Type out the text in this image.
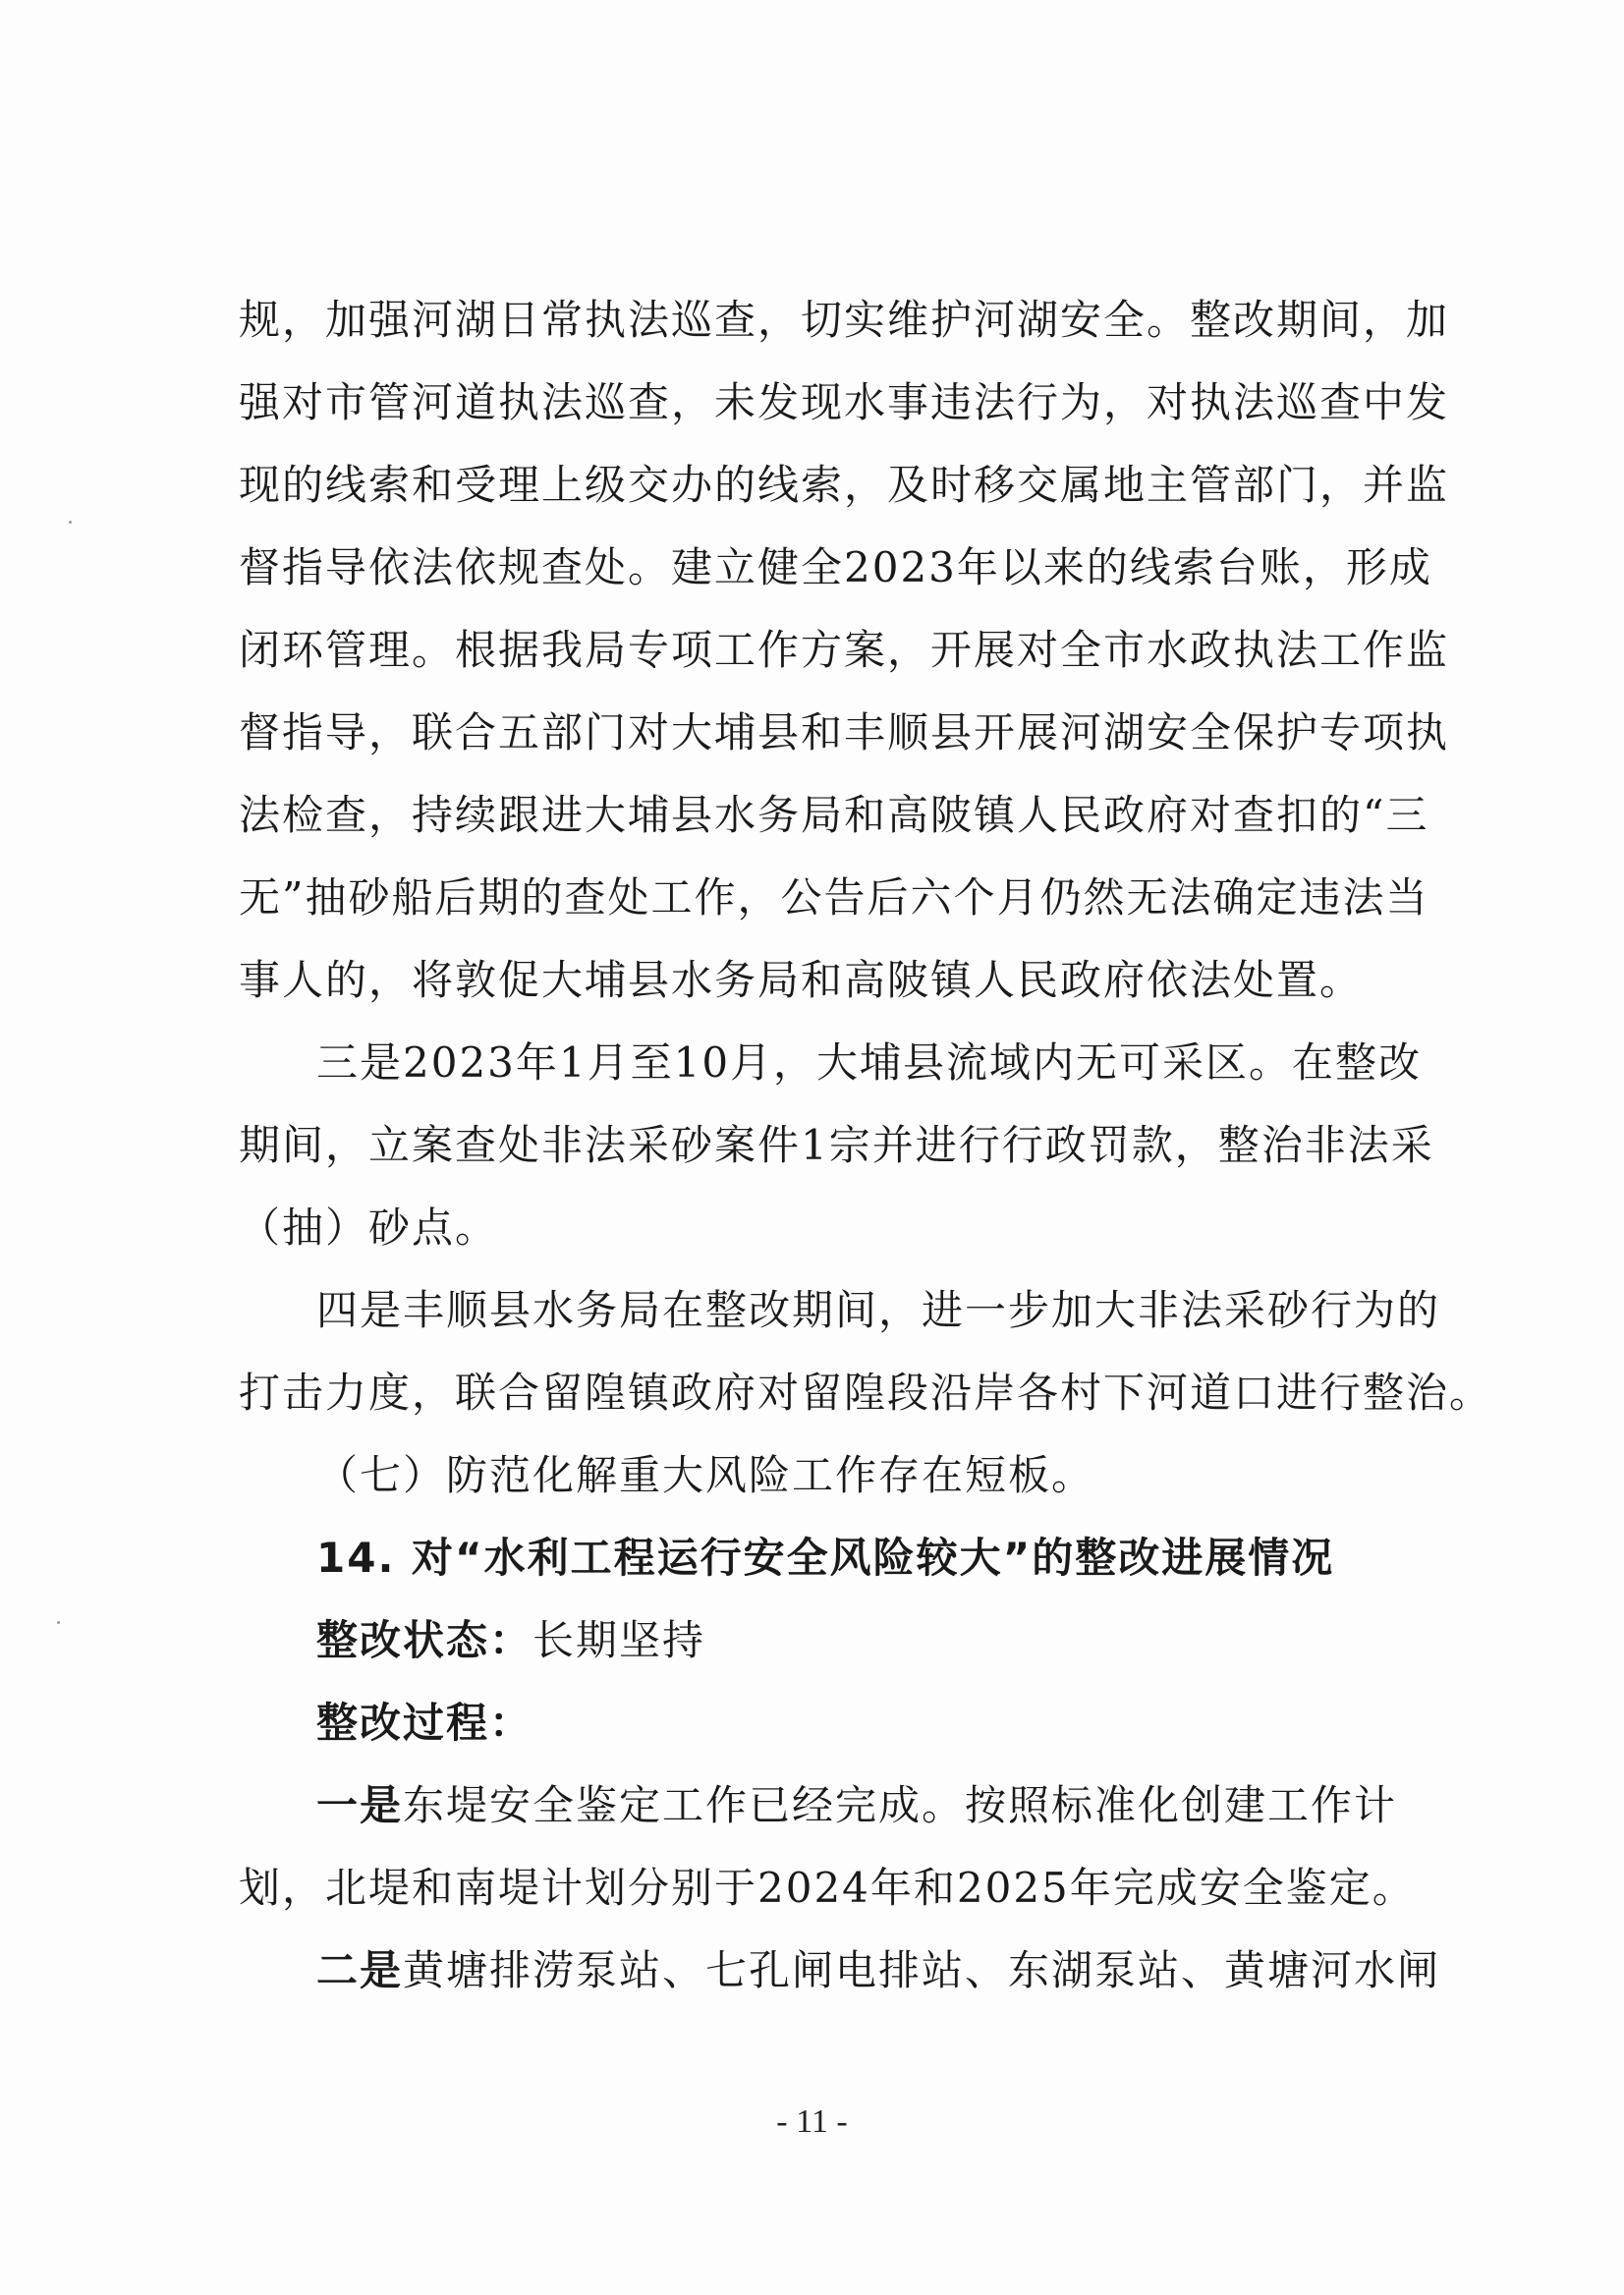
规，加强河湖日常执法巡查，切实维护河湖安全。整改期间，加
强对市管河道执法巡查，未发现水事违法行为，对执法巡查中发
现的线索和受理上级交办的线索，及时移交属地主管部门，并监
督指导依法依规查处。建立健全2023年以来的线索台账，形成
闭环管理。根据我局专项工作方案，开展对全市水政执法工作监
督指导，联合五部门对大埔县和丰顺县开展河湖安全保护专项执
法检查，持续跟进大埔县水务局和高陂镇人民政府对查扣的“三
无”抽砂船后期的查处工作，公告后六个月仍然无法确定违法当
事人的，将敦促大埔县水务局和高陂镇人民政府依法处置。
三是2023年1月至10月，大埔县流域内无可采区。在整改
期间，立案查处非法采砂案件1宗并进行行政罚款，整治非法采
（抽）砂点。
四是丰顺县水务局在整改期间，进一步加大非法采砂行为的
打击力度，联合留隍镇政府对留隍段沿岸各村下河道口进行整治。
（七）防范化解重大风险工作存在短板。
14. 对“水利工程运行安全风险较大”的整改进展情况
整改状态：长期坚持
整改过程：
一是东堤安全鉴定工作已经完成。按照标准化创建工作计
划，北堤和南堤计划分别于2024年和2025年完成安全鉴定。
二是黄塘排涝泵站、七孔闸电排站、东湖泵站、黄塘河水闸
- 11 -
